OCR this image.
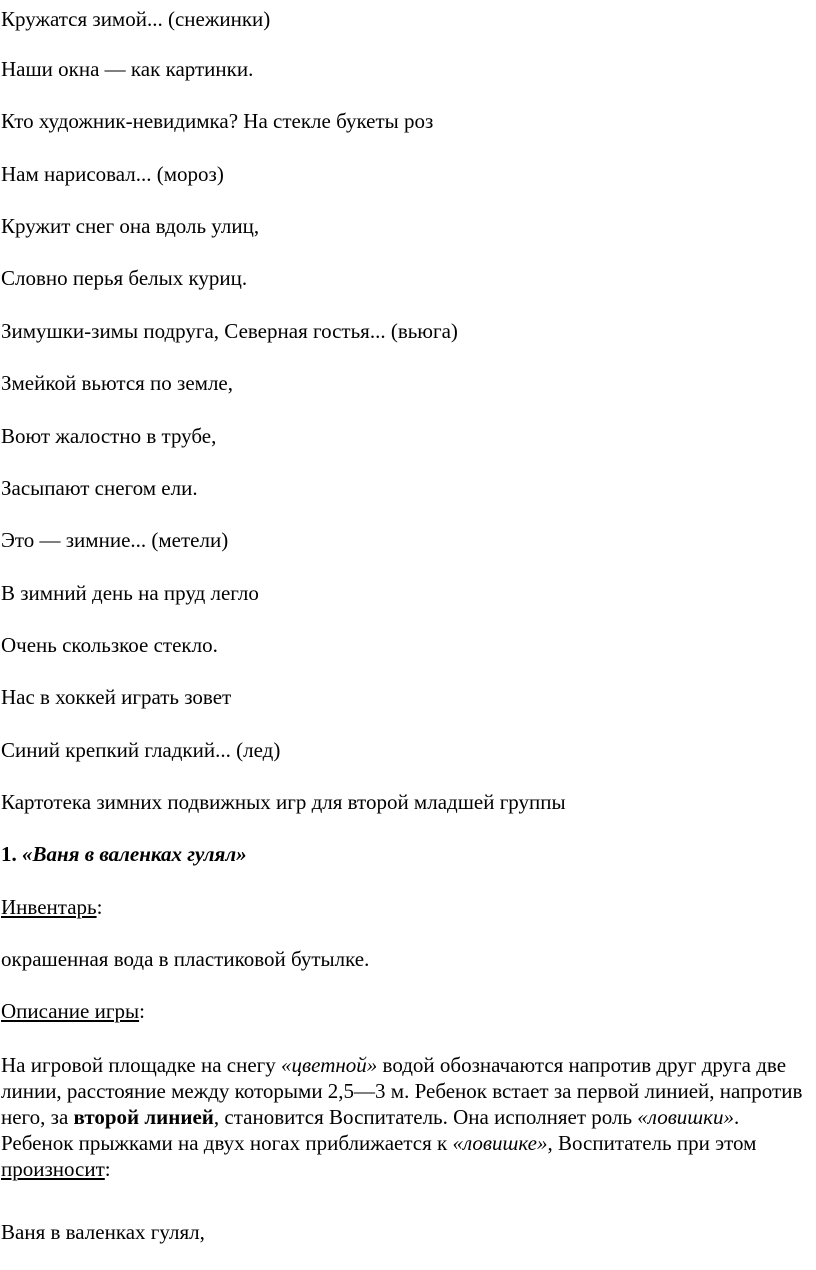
Кружатся зимой... (снежинки)
Наши окна — как картинки.
Кто художник-невидимка? На стекле букеты роз
Нам нарисовал... (мороз)
Кружит снег она вдоль улиц,
Словно перья белых куриц.
Зимушки-зимы подруга, Северная гостья... (вьюга)
Змейкой вьются по земле,
Воют жалостно в трубе,
Засыпают снегом ели.
Это — зимние... (метели)
В зимний день на пруд легло
Очень скользкое стекло.
Нас в хоккей играть зовет
Синий крепкий гладкий... (лед)
Картотека зимних подвижных игр для второй младшей группы
1. «Ваня в валенках гулял»
Инвентарь:
окрашенная вода в пластиковой бутылке.
Описание игры:
На игровой площадке на снегу «цветной» водой обозначаются напротив друг друга две линии, расстояние между которыми 2,5—3 м. Ребенок встает за первой линией, напротив него, за второй линией, становится Воспитатель. Она исполняет роль «ловишки». Ребенок прыжками на двух ногах приближается к «ловишке», Воспитатель при этом произносит:
Ваня в валенках гулял,
